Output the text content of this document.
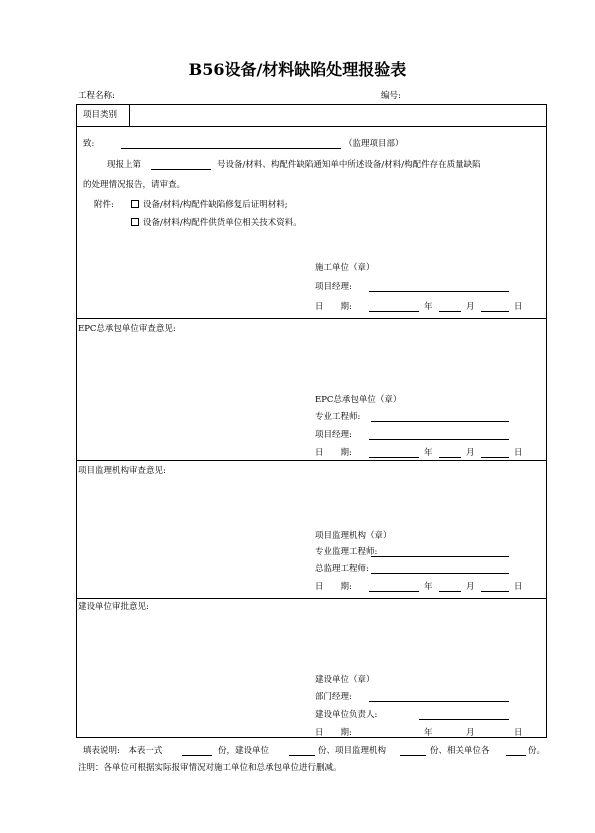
B56设备/材料缺陷处理报验表
工程名称:	编号:
项目类别
致:	（监理项目部）
现报上第	号设备/材料、构配件缺陷通知单中所述设备/材料/构配件存在质量缺陷
的处理情况报告，请审查。
附件:	设备/材料/构配件缺陷修复后证明材料;
设备/材料/构配件供货单位相关技术资料。
施工单位（章）
项目经理:
日　　期:	年	月	日
EPC总承包单位审查意见:
EPC总承包单位（章）
专业工程师:
项目经理:
日　　期:	年	月	日
项目监理机构审查意见:
项目监理机构（章）
专业监理工程师:
总监理工程师:
日　　期:	年	月	日
建设单位审批意见:
建设单位（章）
部门经理:
建设单位负责人:
日　　期:	年	月	日
填表说明:　本表一式	份，建设单位	份、项目监理机构	份、相关单位各	份。
注明：各单位可根据实际报审情况对施工单位和总承包单位进行删减。
